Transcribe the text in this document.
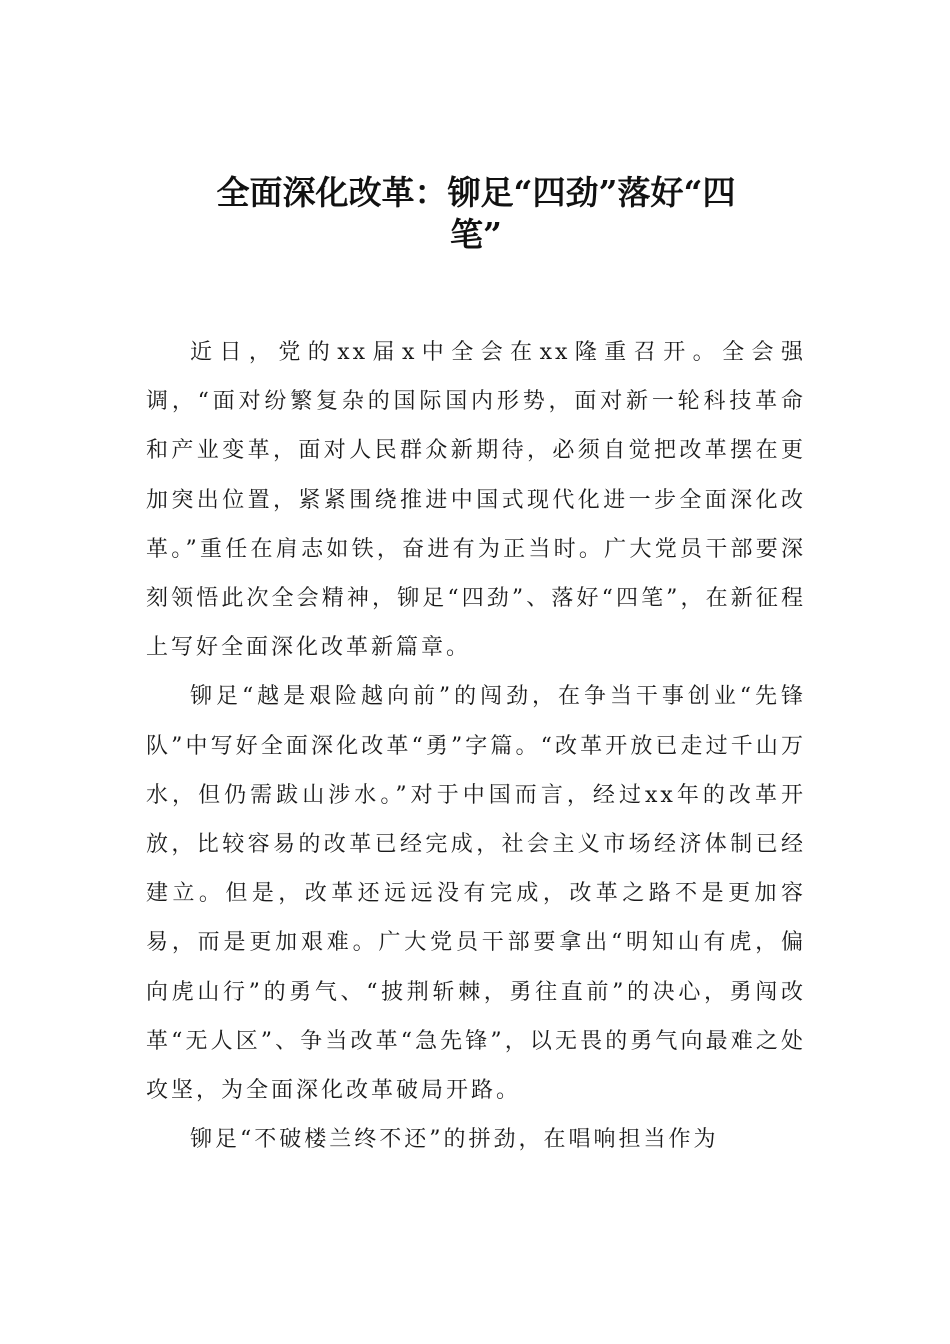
全面深化改革：铆足“四劲”落好“四
笔”

近日，党的xx届x中全会在xx隆重召开。全会强调，“面对纷繁复杂的国际国内形势，面对新一轮科技革命和产业变革，面对人民群众新期待，必须自觉把改革摆在更加突出位置，紧紧围绕推进中国式现代化进一步全面深化改革。”重任在肩志如铁，奋进有为正当时。广大党员干部要深刻领悟此次全会精神，铆足“四劲”、落好“四笔”，在新征程上写好全面深化改革新篇章。

铆足“越是艰险越向前”的闯劲，在争当干事创业“先锋队”中写好全面深化改革“勇”字篇。“改革开放已走过千山万水，但仍需跋山涉水。”对于中国而言，经过xx年的改革开放，比较容易的改革已经完成，社会主义市场经济体制已经建立。但是，改革还远远没有完成，改革之路不是更加容易，而是更加艰难。广大党员干部要拿出“明知山有虎，偏向虎山行”的勇气、“披荆斩棘，勇往直前”的决心，勇闯改革“无人区”、争当改革“急先锋”，以无畏的勇气向最难之处攻坚，为全面深化改革破局开路。

铆足“不破楼兰终不还”的拼劲，在唱响担当作为
